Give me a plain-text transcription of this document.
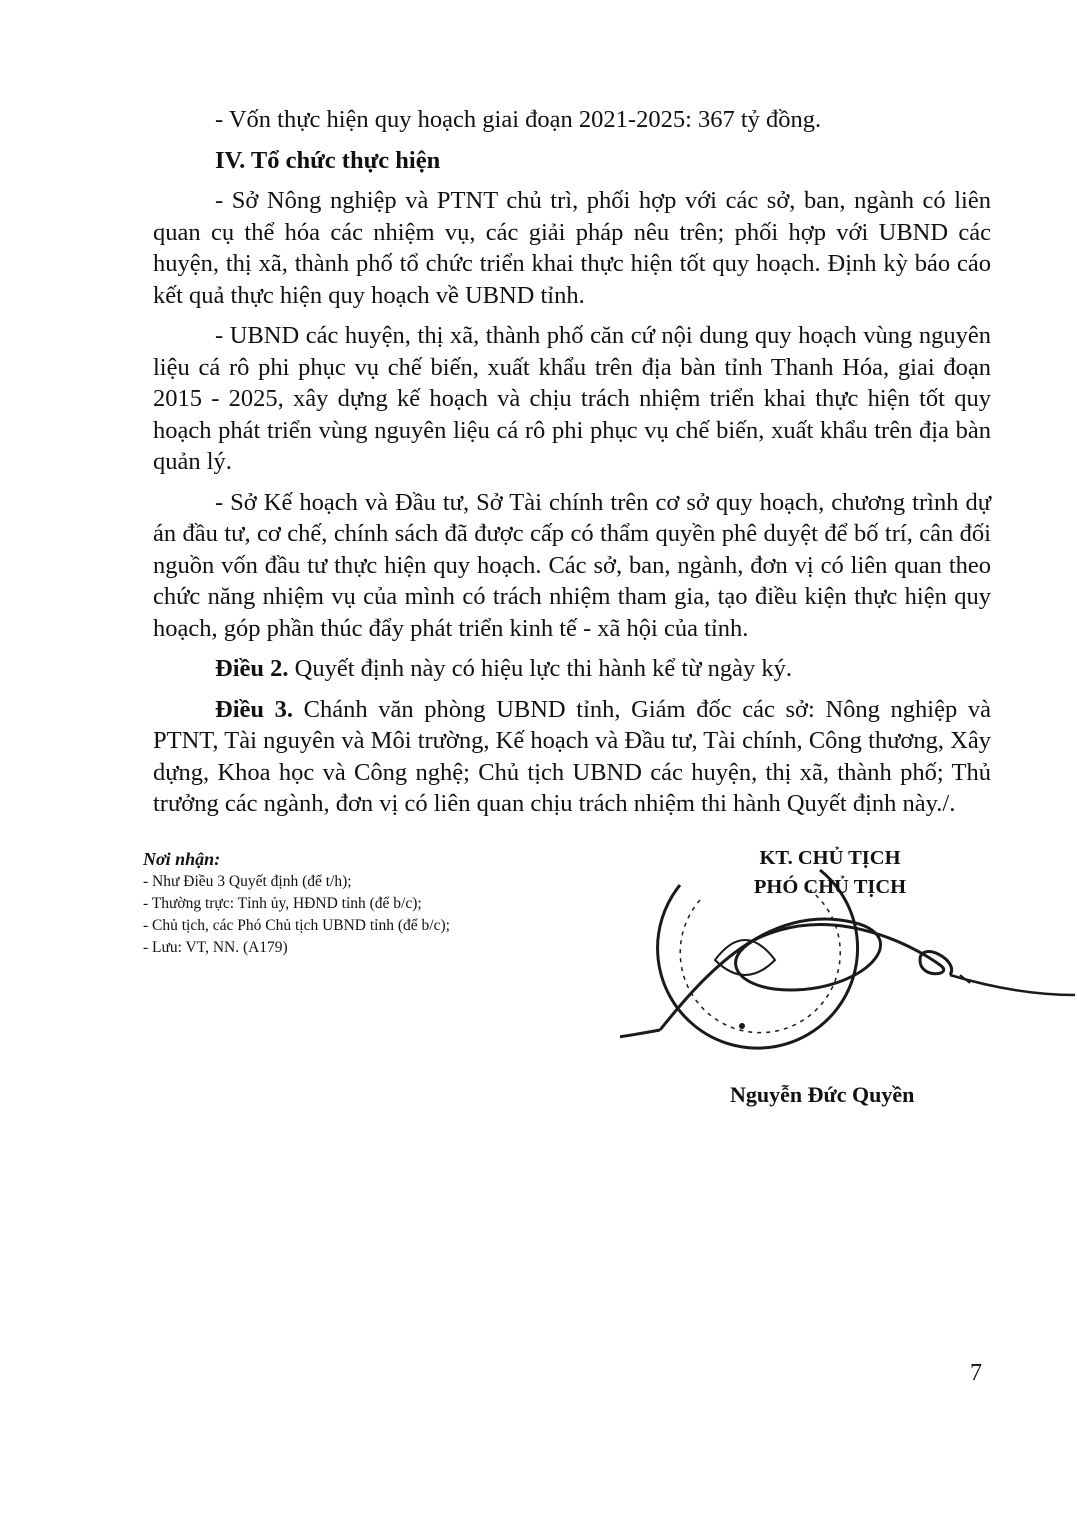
- Vốn thực hiện quy hoạch giai đoạn 2021-2025: 367 tỷ đồng.

IV. Tổ chức thực hiện

- Sở Nông nghiệp và PTNT chủ trì, phối hợp với các sở, ban, ngành có liên quan cụ thể hóa các nhiệm vụ, các giải pháp nêu trên; phối hợp với UBND các huyện, thị xã, thành phố tổ chức triển khai thực hiện tốt quy hoạch. Định kỳ báo cáo kết quả thực hiện quy hoạch về UBND tỉnh.

- UBND các huyện, thị xã, thành phố căn cứ nội dung quy hoạch vùng nguyên liệu cá rô phi phục vụ chế biến, xuất khẩu trên địa bàn tỉnh Thanh Hóa, giai đoạn 2015 - 2025, xây dựng kế hoạch và chịu trách nhiệm triển khai thực hiện tốt quy hoạch phát triển vùng nguyên liệu cá rô phi phục vụ chế biến, xuất khẩu trên địa bàn quản lý.

- Sở Kế hoạch và Đầu tư, Sở Tài chính trên cơ sở quy hoạch, chương trình dự án đầu tư, cơ chế, chính sách đã được cấp có thẩm quyền phê duyệt để bố trí, cân đối nguồn vốn đầu tư thực hiện quy hoạch. Các sở, ban, ngành, đơn vị có liên quan theo chức năng nhiệm vụ của mình có trách nhiệm tham gia, tạo điều kiện thực hiện quy hoạch, góp phần thúc đẩy phát triển kinh tế - xã hội của tỉnh.

Điều 2. Quyết định này có hiệu lực thi hành kể từ ngày ký.

Điều 3. Chánh văn phòng UBND tỉnh, Giám đốc các sở: Nông nghiệp và PTNT, Tài nguyên và Môi trường, Kế hoạch và Đầu tư, Tài chính, Công thương, Xây dựng, Khoa học và Công nghệ; Chủ tịch UBND các huyện, thị xã, thành phố; Thủ trưởng các ngành, đơn vị có liên quan chịu trách nhiệm thi hành Quyết định này./.

Nơi nhận:
- Như Điều 3 Quyết định (để t/h);
- Thường trực: Tỉnh ủy, HĐND tỉnh (để b/c);
- Chủ tịch, các Phó Chủ tịch UBND tỉnh (để b/c);
- Lưu: VT, NN. (A179)
KT. CHỦ TỊCH
PHÓ CHỦ TỊCH
Nguyễn Đức Quyền
7
